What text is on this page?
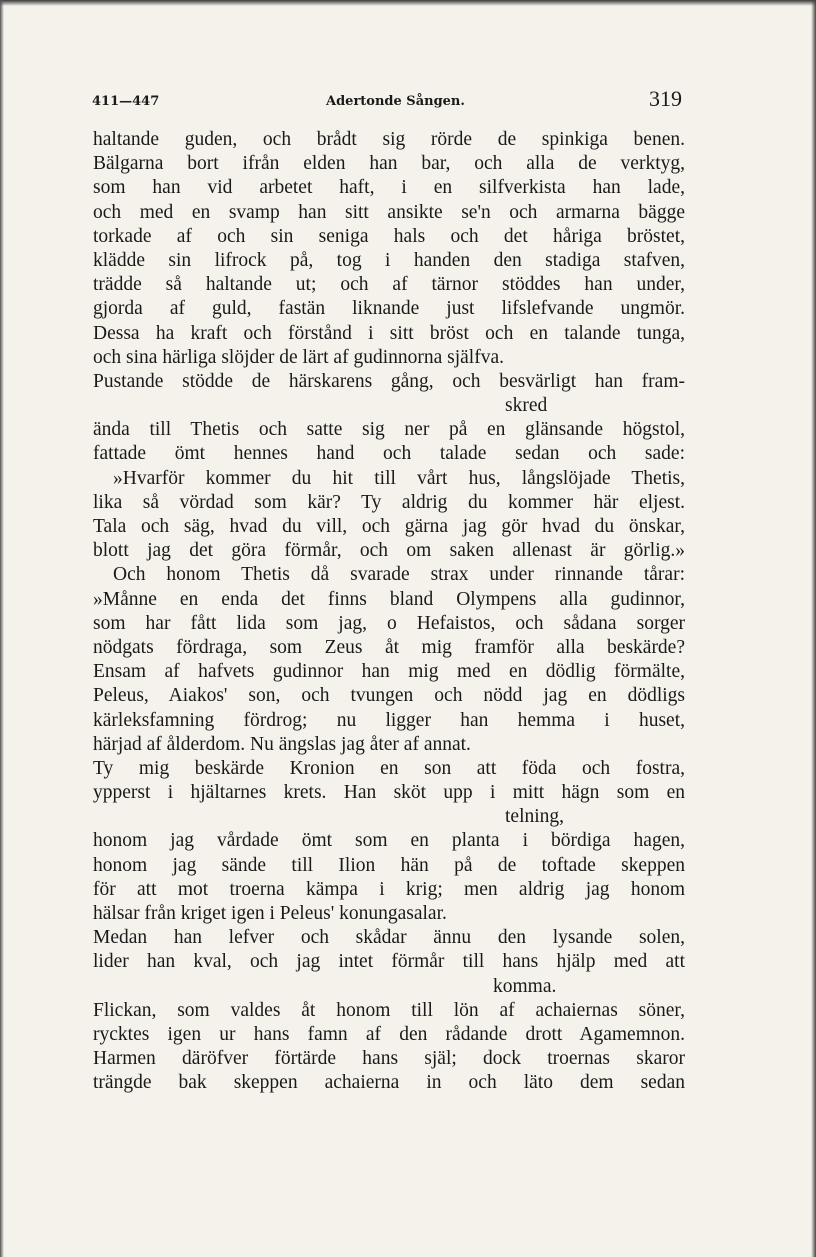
411—447	Adertonde Sången.	319
haltande guden, och brådt sig rörde de spinkiga benen.
Bälgarna bort ifrån elden han bar, och alla de verktyg,
som han vid arbetet haft, i en silfverkista han lade,
och med en svamp han sitt ansikte se'n och armarna bägge
torkade af och sin seniga hals och det håriga bröstet,
klädde sin lifrock på, tog i handen den stadiga stafven,
trädde så haltande ut; och af tärnor stöddes han under,
gjorda af guld, fastän liknande just lifslefvande ungmör.
Dessa ha kraft och förstånd i sitt bröst och en talande tunga,
och sina härliga slöjder de lärt af gudinnorna själfva.
Pustande stödde de härskarens gång, och besvärligt han fram-
skred
ända till Thetis och satte sig ner på en glänsande högstol,
fattade ömt hennes hand och talade sedan och sade:
»Hvarför kommer du hit till vårt hus, långslöjade Thetis,
lika så vördad som kär? Ty aldrig du kommer här eljest.
Tala och säg, hvad du vill, och gärna jag gör hvad du önskar,
blott jag det göra förmår, och om saken allenast är görlig.»
Och honom Thetis då svarade strax under rinnande tårar:
»Månne en enda det finns bland Olympens alla gudinnor,
som har fått lida som jag, o Hefaistos, och sådana sorger
nödgats fördraga, som Zeus åt mig framför alla beskärde?
Ensam af hafvets gudinnor han mig med en dödlig förmälte,
Peleus, Aiakos' son, och tvungen och nödd jag en dödligs
kärleksfamning fördrog; nu ligger han hemma i huset,
härjad af ålderdom. Nu ängslas jag åter af annat.
Ty mig beskärde Kronion en son att föda och fostra,
ypperst i hjältarnes krets. Han sköt upp i mitt hägn som en
telning,
honom jag vårdade ömt som en planta i bördiga hagen,
honom jag sände till Ilion hän på de toftade skeppen
för att mot troerna kämpa i krig; men aldrig jag honom
hälsar från kriget igen i Peleus' konungasalar.
Medan han lefver och skådar ännu den lysande solen,
lider han kval, och jag intet förmår till hans hjälp med att
komma.
Flickan, som valdes åt honom till lön af achaiernas söner,
rycktes igen ur hans famn af den rådande drott Agamemnon.
Harmen däröfver förtärde hans själ; dock troernas skaror
trängde bak skeppen achaierna in och läto dem sedan
